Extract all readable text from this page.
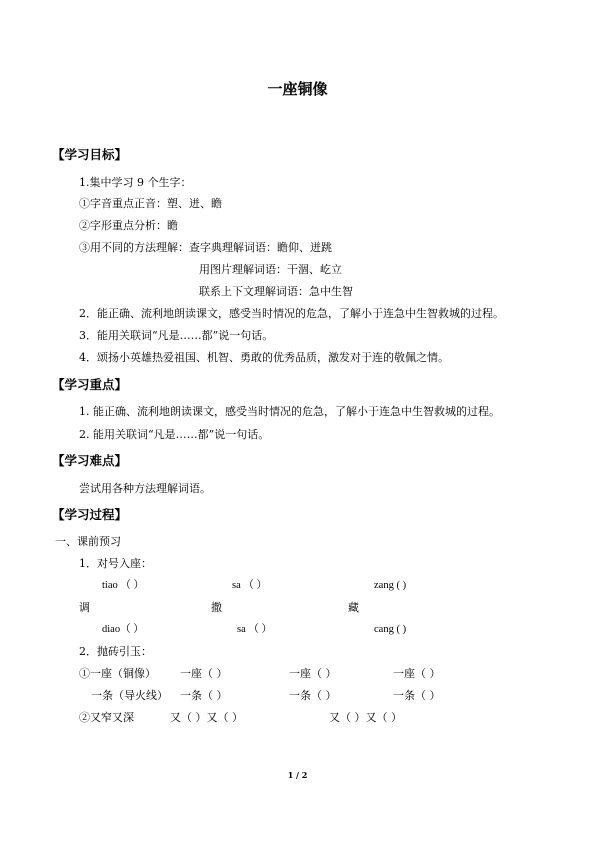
一座铜像
【学习目标】
1.集中学习 9 个生字：
①字音重点正音：塑、迸、瞻
②字形重点分析：瞻
③用不同的方法理解：查字典理解词语：瞻仰、迸跳
用图片理解词语：干涸、屹立
联系上下文理解词语：急中生智
2．能正确、流利地朗读课文，感受当时情况的危急，了解小于连急中生智救城的过程。
3．能用关联词“凡是……都”说一句话。
4．颂扬小英雄热爱祖国、机智、勇敢的优秀品质，激发对于连的敬佩之情。
【学习重点】
1. 能正确、流利地朗读课文，感受当时情况的危急，了解小于连急中生智救城的过程。
2. 能用关联词“凡是……都”说一句话。
【学习难点】
尝试用各种方法理解词语。
【学习过程】
一、课前预习
1．对号入座：
tiao （ ）	sa （ ）	zang ( )
调	撒	藏
diao（ ）	sa （ ）	cang ( )
2．抛砖引玉：
①一座（铜像） 一座（ ）	一座（ ）	一座（ ）
一条（导火线） 一条（ ）	一条（ ）	一条（ ）
②又窄又深	又（ ）又（ ）	又（ ）又（ ）
1 / 2
